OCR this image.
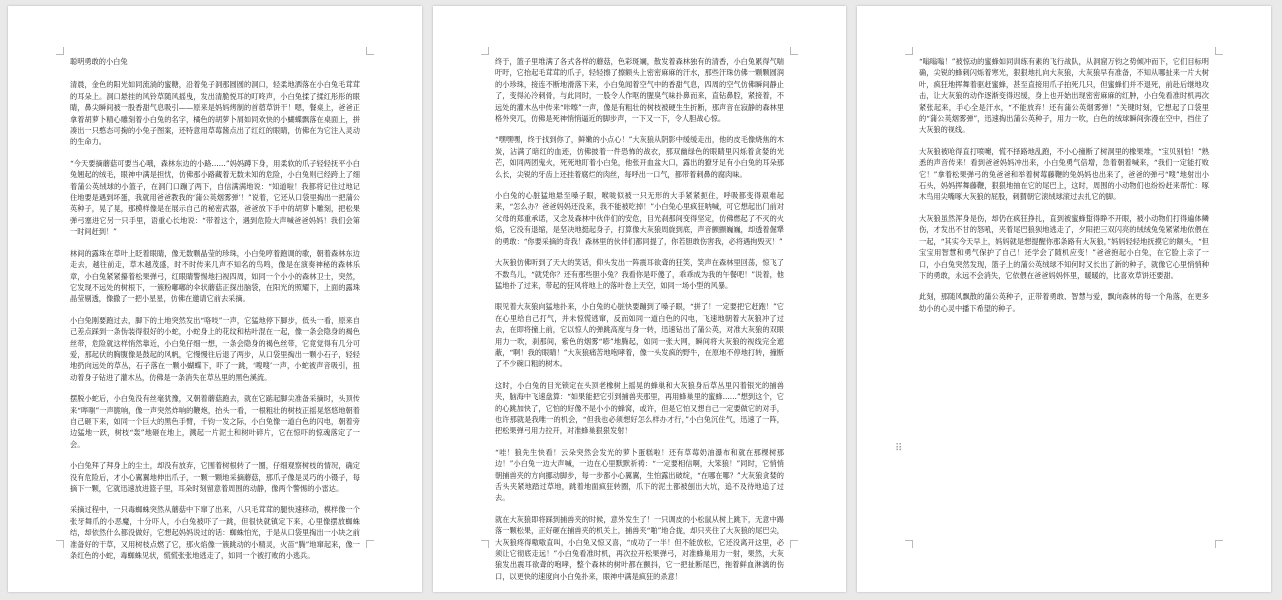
聪明勇敢的小白兔

清晨，金色的阳光如同流淌的蜜糖，沿着兔子洞那圆圆的洞口，轻柔地洒落在小白兔毛茸茸的耳朵上。洞口悬挂的风铃草随风摇曳，发出清脆悦耳的叮咚声，小白兔揉了揉红彤彤的眼睛，鼻尖瞬间被一股香甜气息吸引——原来是妈妈烤制的首蓿草饼干！嗯，餐桌上，爸爸正拿着胡萝卜精心雕刻着小白兔的名字，橘色的胡萝卜屑如同欢快的小蝴蝶飘落在桌面上，拼凑出一只憨态可掬的小兔子图案，还特意用草莓酱点出了红红的眼睛，仿佛在为它注入灵动的生命力。

“今天要摘蘑菇可要当心哦，森林东边的小路……”妈妈蹲下身，用柔软的爪子轻轻抚平小白兔翘起的绒毛，眼神中满是担忧，仿佛那小路藏着无数未知的危险，小白兔则已经跨上了细着蒲公英绒球的小篮子，在洞门口蹦了两下，自信满满地说：“知道啦！我都将记住过地记住地要是遇到坏蛋，我就用爸爸教我的‘蒲公英烟雾弹’！”说着，它还从口袋里掏出一把蒲公英种子，晃了晃，那模样像是在展示自己的秘密武器，爸爸放下手中的胡萝卜雕刻，把松果弹弓塞进它另一只手里，语重心长地说：“带着这个，遇到危险大声喊爸爸妈妈！我们会第一时间赶到！”

林间的露珠在草叶上眨着眼睛，像无数颗晶莹的珍珠，小白兔哼着跑调的歌，朝着森林东边走去，越往前走，草木越茂盛，时不时传来几声不知名的鸟鸣，像是在演奏神秘的森林乐章，小白兔紧紧攥着松果弹弓，红眼睛警惕地扫视四周，如同一个小小的森林卫士，突然，它发现不远处的树根下，一簇粉嘟嘟的伞状蘑菇正探出脑袋，在阳光的照耀下，上面的露珠晶莹剔透，像撒了一把小星星，仿佛在邀请它前去采摘。

小白兔刚要跑过去，脚下的土地突然发出“咯吱”一声，它猛地停下脚步，低头一看，原来自己差点踩到一条伪装得很好的小蛇，小蛇身上的花纹和枯叶混在一起，像一条会隐身的褐色丝带，危险就这样悄然靠近，小白兔仔细一想，一条会隐身的褐色丝带，它竟觉得有几分可爱，那起伏的胸腹像是鼓起的风帆，它慢慢往后退了两步，从口袋里掏出一颗小石子，轻轻地扔向远处的草丛，石子落在一颗小蝴蝶下，吓了一跳，‘嗖嗖’一声，小蛇被声音吸引，扭动着身子钻进了灌木丛，仿佛是一条消失在草丛里的黑色溪流。

摆脱小蛇后，小白兔没有丝毫犹豫，又朝着蘑菇跑去，就在它踮起脚尖准备采摘时，头顶传来“哔嗤”一声脆响，像一声突然炸响的鞭炮，抬头一看，一根粗壮的树枝正摇晃悠悠地朝着自己砸下来，如同一个巨大的黑色手臂，千钧一发之际，小白兔像一道白色的闪电，朝着旁边猛地一跃，树枝“轰”地砸在地上，溅起一片泥土和树叶碎片，它在惊吓的惊魂落定了一会。

小白兔拜了拜身上的尘土，却没有放弃，它围着树根转了一圈，仔细观察树枝的情况，确定没有危险后，才小心翼翼地伸出爪子，一颗一颗地采摘蘑菇，那爪子像是灵巧的小镊子，每摘下一颗，它就迅速放进篮子里，耳朵时刻留意着周围的动静，像两个警惕的小雷达。

采摘过程中，一只毒蜘蛛突然从蘑菇中下窜了出来，八只毛茸茸的腿快速移动，模样像一个张牙舞爪的小恶魔，十分吓人，小白兔被吓了一跳，但很快就镇定下来，心里像摆放蜘蛛结，却依然什么都没做好，它想起妈妈说过的话：蜘蛛怕光，于是从口袋里掏出一小块之前准备好的干草，又用树枝点燃了它，那火焰像一簇跳动的小精灵，火苗“腾”地窜起来，像一条红色的小蛇，毒蜘蛛见状，慌慌张张地逃走了，如同一个被打败的小逃兵。

终于，篮子里堆满了各式各样的蘑菇，色彩斑斓，散发着森林独有的清香，小白兔累得气喘吁吁，它抬起毛茸茸的爪子，轻轻擦了擦额头上密密麻麻的汗水，那些汗珠仿佛一颗颗圆润的小珍珠，接连不断地滑落下来，小白兔闻着空气中的香甜气息，四周的空气仿佛瞬间静止了，变得沁冷刺骨，与此同时，一股令人作呕的腥臭气味扑鼻而来，直钻鼻腔，紧接着，不远处的灌木丛中传来“咔嚓”一声，像是有粗壮的树枝被硬生生折断，那声音在寂静的森林里格外突兀，仿佛是死神悄悄逼近的脚步声，一下又一下，令人胆战心惊。

“嘿嘿嘿，终于找到你了，鲜嫩的小点心！”大灰狼从阴影中缓缓走出，他的皮毛像烧焦的木炭，沾满了暗红的血迹，仿佛披着一件恐怖的战衣，那双幽绿色的眼睛里闪烁着贪婪的光芒，如同两团鬼火，死死地盯着小白兔，他张开血盆大口，露出的獠牙足有小白兔的耳朵那么长，尖锐的牙齿上还挂着腐烂的肉丝，每呼出一口气，都带着刺鼻的腐肉味。

小白兔的心脏猛地悬至嗓子眼，喉咙似被一只无形的大手紧紧扼住，呼吸都变得艰难起来，“怎么办？爸爸妈妈还没来，我不能被吃掉！”小白兔心里疯狂呐喊，可它想起出门前对父母的郑重承诺，又念及森林中伙伴们的安危，目光刹那间变得坚定，仿佛燃起了不灭的火焰，它没有退缩，是坚决地挺起身子，打算像大灰狼周旋到底，声音颤颤巍巍，却透着倔犟的勇敢：“你要采摘的奇我！森林里的伙伴们都同提了，你若胆敢伤害我，必将遇拘毁灭！”

大灰狼仿佛听到了天大的笑话，仰头发出一阵震耳欲聋的狂笑，笑声在森林里回荡，惊飞了不数鸟儿，“就凭你？还有那些胆小兔？我看你是吓傻了，乖乖成为我的午餐吧！”说着，他猛地扑了过来，带起的狂风将地上的落叶卷上天空，如同一场小型的风暴。

眼见着大灰狼向猛地扑来，小白兔的心脏快要蹦到了嗓子眼，“拼了！一定要把它赶跑！”它在心里给自己打气，并未惊慌逃窜，反而如同一道白色的闪电，飞速地朝着大灰狼冲了过去，在即将撞上前，它以惊人的弹跳高度与身一转，迅速钻出了蒲公英，对准大灰狼的双眼用力一吹，刹那间，紫色的烟雾“嘭”地腾起，如同一张大网，瞬间将大灰狼的视线完全遮蔽，“啊！我的眼睛！”大灰狼痛苦地咆哮着，像一头发疯的野牛，在原地不停地打转，撞断了不少碗口粗的树木。

这时，小白兔的目光锁定在头顶老橡树上摇晃的蜂巢和大灰狼身后草丛里闪着银光的捕兽夹，脑海中飞速盘算：“如果能把它引到捕兽夹那里，再用蜂巢里的蜜蜂……”想到这个，它的心跳加快了，它怕的好像不是小小的蜂窝，或许，但是它怕又想自己一定要做它的对手，也许那就是我唯一的机会，“但我也必须想好怎么样办才行，”小白兔沉住气，迅速了一阵，把松果弹弓用力拉开，对准蜂巢狠狠发射！

“哇！狼先生快看！云朵突然会发光的萝卜蛋糕啦！还有草莓奶油瀑布和就在那棵树那边！”小白兔一边大声喊，一边在心里默默祈祷：“一定要相信啊，大笨狼！”同时，它悄悄朝捕兽夹的方向挪动脚步，每一步都小心翼翼，生怕露出破绽，“在哪在哪？”大灰狼贪婪的舌头夹紧地踏过草地，跳着地面疯狂转圈，爪下的泥土都被刨出大坑，追不及待地追了过去。

就在大灰狼即将踩到捕兽夹的时候，意外发生了！一只调皮的小松鼠从树上跳下，无意中踢落一颗松果，正好砸在捕兽夹的机关上，捕兽夹“啪”地合拢，却只夹住了大灰狼的尾巴尖，大灰狼疼得嗷嗷直叫，小白兔又惊又喜，“成功了一半！但不能放松，它还没离开这里，必须让它彻底走远！”小白兔看准时机，再次拉开松果弹弓，对准蜂巢用力一射，果然，大灰狼发出震耳欲聋的咆哮，整个森林的树叶都在颤抖，它一把扯断尾巴，拖着鲜血淋漓的伤口，以更快的速度向小白兔扑来，眼神中满是疯狂的杀意！

“嗡嗡嗡！”被惊动的蜜蜂如同训练有素的飞行战队，从洞窟万钧之势倾冲而下，它们目标明确，尖锐的蜂刺闪烁着寒光，狠狠地扎向大灰狼，大灰狼早有准备，不知从哪扯来一片大树叶，疯狂地挥舞着驱赶蜜蜂，甚至直接用爪子拍死几只，但蜜蜂们并不退死，前赴后继地攻击，让大灰狼的动作逐渐变得迟缓，身上也开始出现密密麻麻的红肿，小白兔看准时机再次紧张起来，手心全是汗水，“不能放弃！还有蒲公英烟雾弹！”关键时刻，它想起了口袋里的“蒲公英烟雾弹”，迅速掏出蒲公英种子，用力一吹，白色的绒球瞬间弥漫在空中，挡住了大灰狼的视线。

大灰狼被呛得直打喷嚏，慌不择路地乱跑，不小心撞断了树洞里的橡果堆，“宝贝别怕！”熟悉的声音传来！看到爸爸妈妈冲出来，小白兔勇气倍增，急着朝着喊来，“我们一定能打败它！”拿着松果弹弓的兔爸爸和举着树莓藤鞭的兔妈妈也出来了，爸爸的弹弓“嗖”地射出小石头，妈妈挥舞藤鞭，狠狠地抽在它的尾巴上，这时，周围的小动物们也纷纷赶来帮忙：啄木鸟用尖嘴啄大灰狼的屁股，刺猬朝它滚绒球滚过去扎它的脚。

大灰狼虽然浑身是伤，却仍在疯狂挣扎，直到被蜜蜂蜇得睁不开眼，被小动物们打得遍体鳞伤，才发出不甘的怒吼，夹着尾巴狼狈地逃走了，夕阳把三双闪亮的绒绒兔兔紧紧地依偎在一起，“其实今天早上，妈妈就是想提醒你那条路有大灰狼，”妈妈轻轻地抚摸它的额头，“但宝宝用智慧和勇气保护了自己！还学会了随机应变！”爸爸抱起小白兔，在它脸上亲了一口，小白兔突然发现，篮子上的蒲公英绒球不知何时又长出了新的种子，就像它心里悄悄种下的勇敢，永远不会消失，它依偎在爸爸妈妈怀里，暖暖的，比喜欢草饼还要甜。

此刻，那随风飘散的蒲公英种子，正带着勇敢、智慧与爱，飘向森林的每一个角落，在更多幼小的心灵中播下希望的种子。

⠿
